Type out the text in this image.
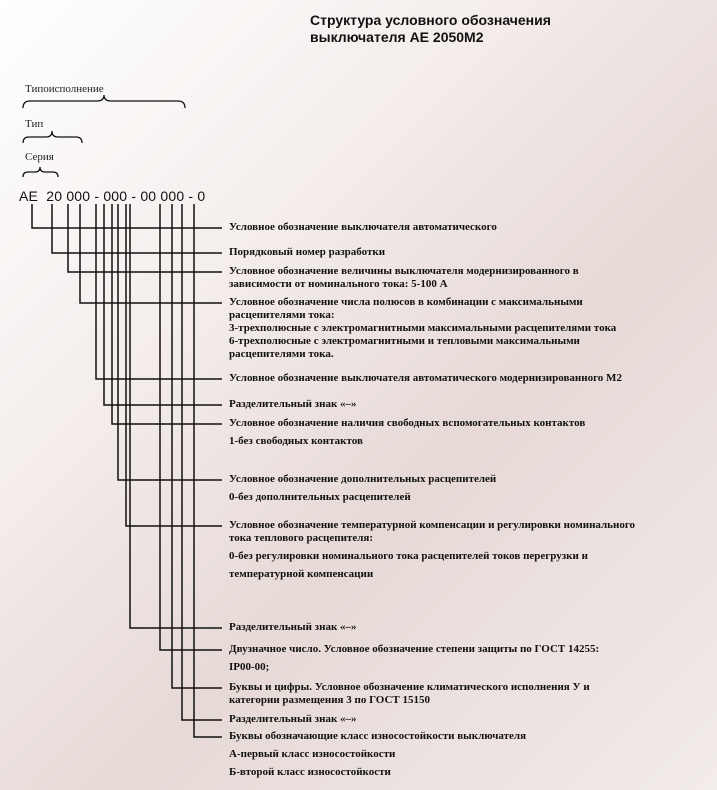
Структура условного обозначения
выключателя АЕ 2050М2
Типоисполнение
Тип
Серия
АЕ  20 000 - 000 - 00 000 - 0
Условное обозначение выключателя автоматического
Порядковый номер разработки
Условное обозначение величины выключателя модернизированного в
зависимости от номинального тока: 5-100 А
Условное обозначение числа полюсов в комбинации с максимальными
расцепителями тока:
3-трехполюсные с электромагнитными максимальными расцепителями тока
6-трехполюсные с электромагнитными и тепловыми максимальными
расцепителями тока.
Условное обозначение выключателя автоматического модернизированного М2
Разделительный знак «–»
Условное обозначение наличия свободных вспомогательных контактов
1-без свободных контактов
Условное обозначение дополнительных расцепителей
0-без дополнительных расцепителей
Условное обозначение температурной компенсации и регулировки номинального
тока теплового расцепителя:
0-без регулировки номинального тока расцепителей токов перегрузки и
температурной компенсации
Разделительный знак «–»
Двузначное число. Условное обозначение степени защиты по ГОСТ 14255:
IP00-00;
Буквы и цифры. Условное обозначение климатического исполнения У и
категории размещения 3 по ГОСТ 15150
Разделительный знак «–»
Буквы обозначающие класс износостойкости выключателя
А-первый класс износостойкости
Б-второй класс износостойкости
